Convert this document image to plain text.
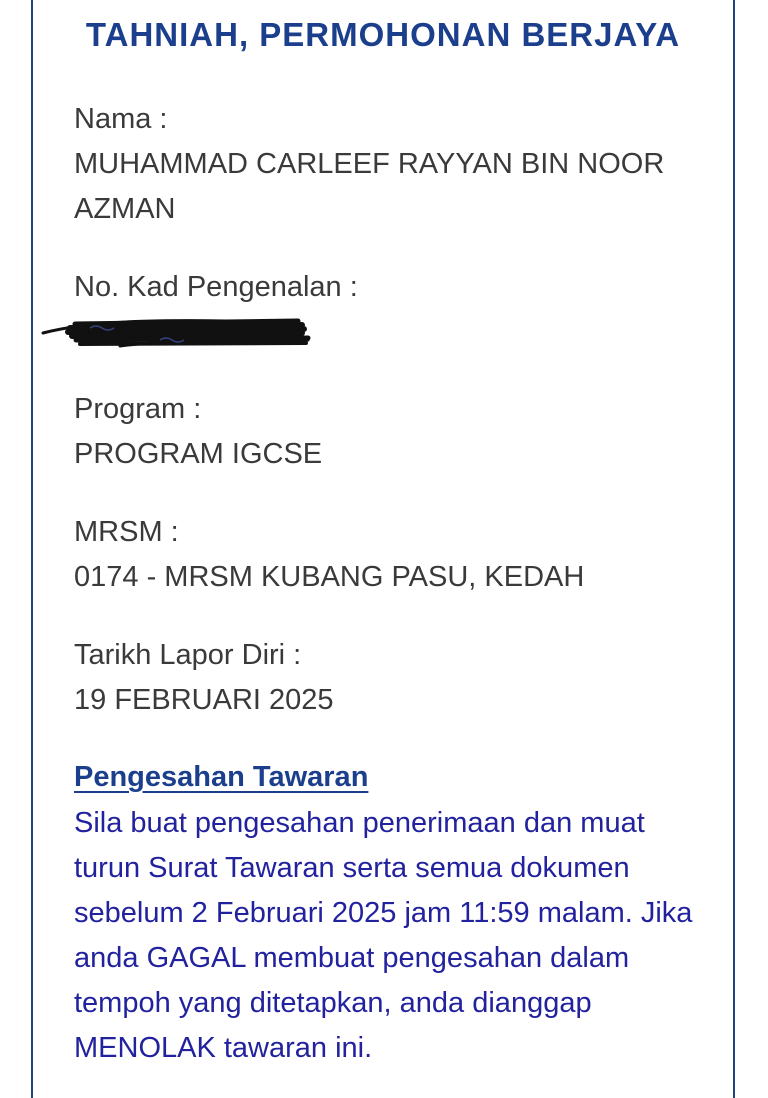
TAHNIAH, PERMOHONAN BERJAYA
Nama :
MUHAMMAD CARLEEF RAYYAN BIN NOOR AZMAN
No. Kad Pengenalan :
Program :
PROGRAM IGCSE
MRSM :
0174 - MRSM KUBANG PASU, KEDAH
Tarikh Lapor Diri :
19 FEBRUARI 2025
Pengesahan Tawaran

Sila buat pengesahan penerimaan dan muat turun Surat Tawaran serta semua dokumen sebelum 2 Februari 2025 jam 11:59 malam. Jika anda GAGAL membuat pengesahan dalam tempoh yang ditetapkan, anda dianggap MENOLAK tawaran ini.
